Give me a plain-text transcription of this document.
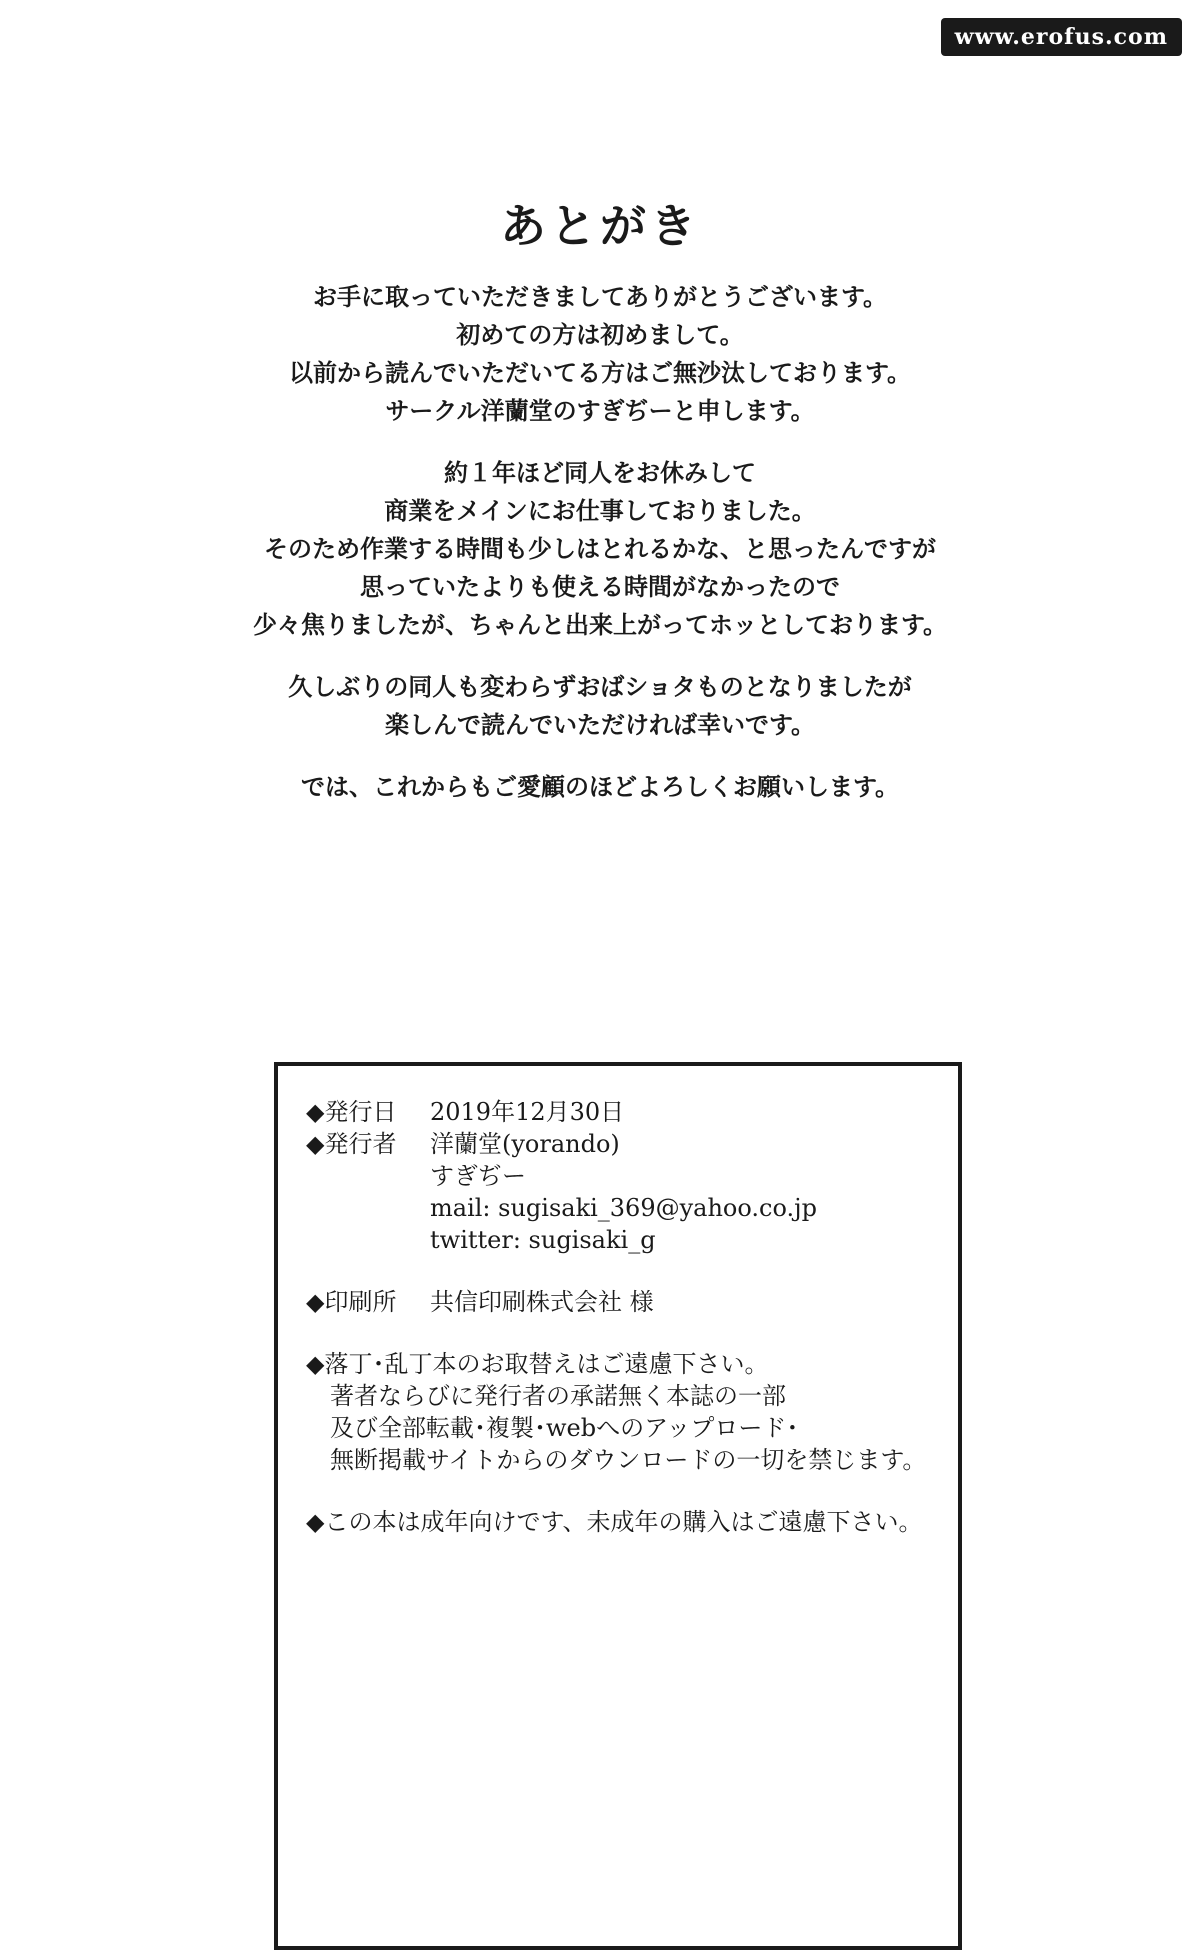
www.erofus.com
あとがき
お手に取っていただきましてありがとうございます。
初めての方は初めまして。
以前から読んでいただいてる方はご無沙汰しております。
サークル洋蘭堂のすぎぢーと申します。
約１年ほど同人をお休みして
商業をメインにお仕事しておりました。
そのため作業する時間も少しはとれるかな、と思ったんですが
思っていたよりも使える時間がなかったので
少々焦りましたが、ちゃんと出来上がってホッとしております。
久しぶりの同人も変わらずおばショタものとなりましたが
楽しんで読んでいただければ幸いです。
では、これからもご愛顧のほどよろしくお願いします。
◆発行日	2019年12月30日
◆発行者	洋蘭堂(yorando)
すぎぢー
mail: sugisaki_369@yahoo.co.jp
twitter: sugisaki_g
◆印刷所	共信印刷株式会社 様
◆落丁･乱丁本のお取替えはご遠慮下さい。
著者ならびに発行者の承諾無く本誌の一部
及び全部転載･複製･webへのアップロード･
無断掲載サイトからのダウンロードの一切を禁じます。
◆この本は成年向けです、未成年の購入はご遠慮下さい。
